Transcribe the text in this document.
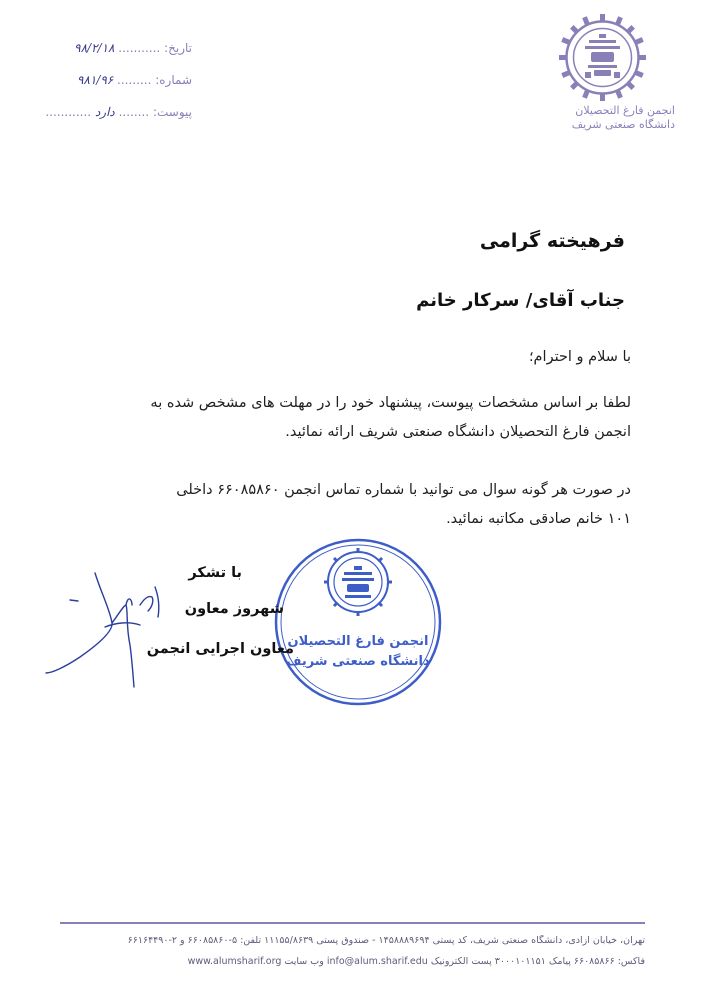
انجمن فارغ التحصیلان
دانشگاه صنعتی شریف
تاریخ: ........... ۹۸/۲/۱۸
شماره: ......... ۹۸۱/۹۶
پیوست: ........ دارد ............
فرهیخته گرامی
جناب آقای/ سرکار خانم
با سلام و احترام؛
لطفا بر اساس مشخصات پیوست، پیشنهاد خود را در مهلت های مشخص شده به
انجمن فارغ التحصیلان دانشگاه صنعتی شریف ارائه نمائید.
در صورت هر گونه سوال می توانید با شماره تماس انجمن ۶۶۰۸۵۸۶۰ داخلی
۱۰۱ خانم صادقی مکاتبه نمائید.
انجمن فارغ التحصیلان
دانشگاه صنعتی شریف
با تشکر
شهروز معاون
معاون اجرایی انجمن
تهران، خیابان آزادی، دانشگاه صنعتی شریف، کد پستی ۱۴۵۸۸۸۹۶۹۴ - صندوق پستی ۱۱۱۵۵/۸۶۳۹ تلفن: ۵-۶۶۰۸۵۸۶۰ و ۲-۶۶۱۶۴۴۹۰
فاکس: ۶۶۰۸۵۸۶۶ پیامک ۳۰۰۰۱۰۱۱۵۱ پست الکترونیک info@alum.sharif.edu وب سایت www.alumsharif.org
